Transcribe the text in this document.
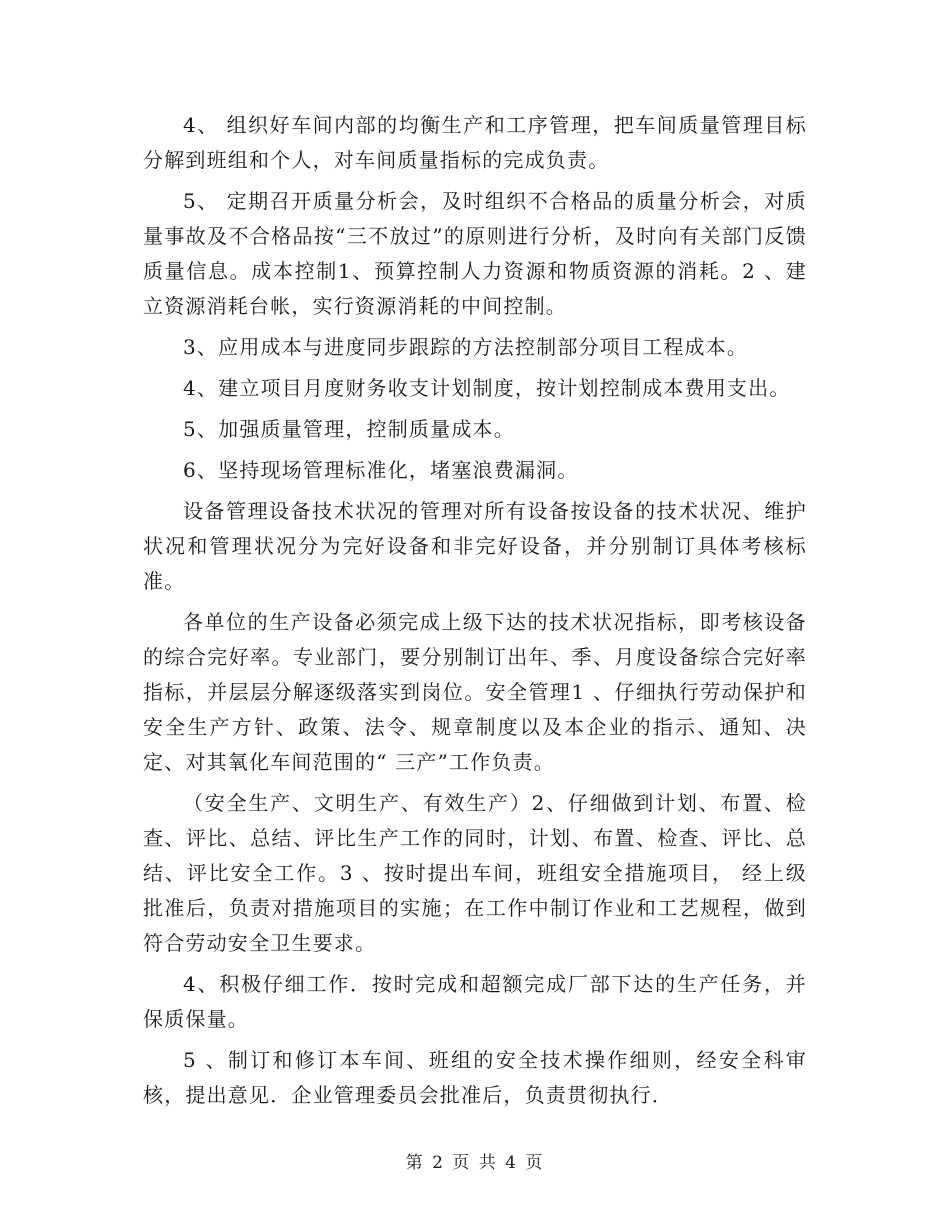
4、 组织好车间内部的均衡生产和工序管理，把车间质量管理目标分解到班组和个人，对车间质量指标的完成负责。

5、 定期召开质量分析会，及时组织不合格品的质量分析会，对质量事故及不合格品按“三不放过”的原则进行分析，及时向有关部门反馈质量信息。成本控制1、预算控制人力资源和物质资源的消耗。2 、建立资源消耗台帐，实行资源消耗的中间控制。

3、应用成本与进度同步跟踪的方法控制部分项目工程成本。

4、建立项目月度财务收支计划制度，按计划控制成本费用支出。

5、加强质量管理，控制质量成本。

6、坚持现场管理标准化，堵塞浪费漏洞。

设备管理设备技术状况的管理对所有设备按设备的技术状况、维护状况和管理状况分为完好设备和非完好设备，并分别制订具体考核标准。

各单位的生产设备必须完成上级下达的技术状况指标，即考核设备的综合完好率。专业部门，要分别制订出年、季、月度设备综合完好率指标，并层层分解逐级落实到岗位。安全管理1 、仔细执行劳动保护和安全生产方针、政策、法令、规章制度以及本企业的指示、通知、决定、对其氧化车间范围的“ 三产”工作负责。

（安全生产、文明生产、有效生产）2、仔细做到计划、布置、检查、评比、总结、评比生产工作的同时，计划、布置、检查、评比、总结、评比安全工作。3 、按时提出车间，班组安全措施项目， 经上级批准后，负责对措施项目的实施；在工作中制订作业和工艺规程，做到符合劳动安全卫生要求。

4、积极仔细工作．按时完成和超额完成厂部下达的生产任务，并保质保量。

5 、制订和修订本车间、班组的安全技术操作细则，经安全科审核，提出意见．企业管理委员会批准后，负责贯彻执行．

第 2 页 共 4 页
